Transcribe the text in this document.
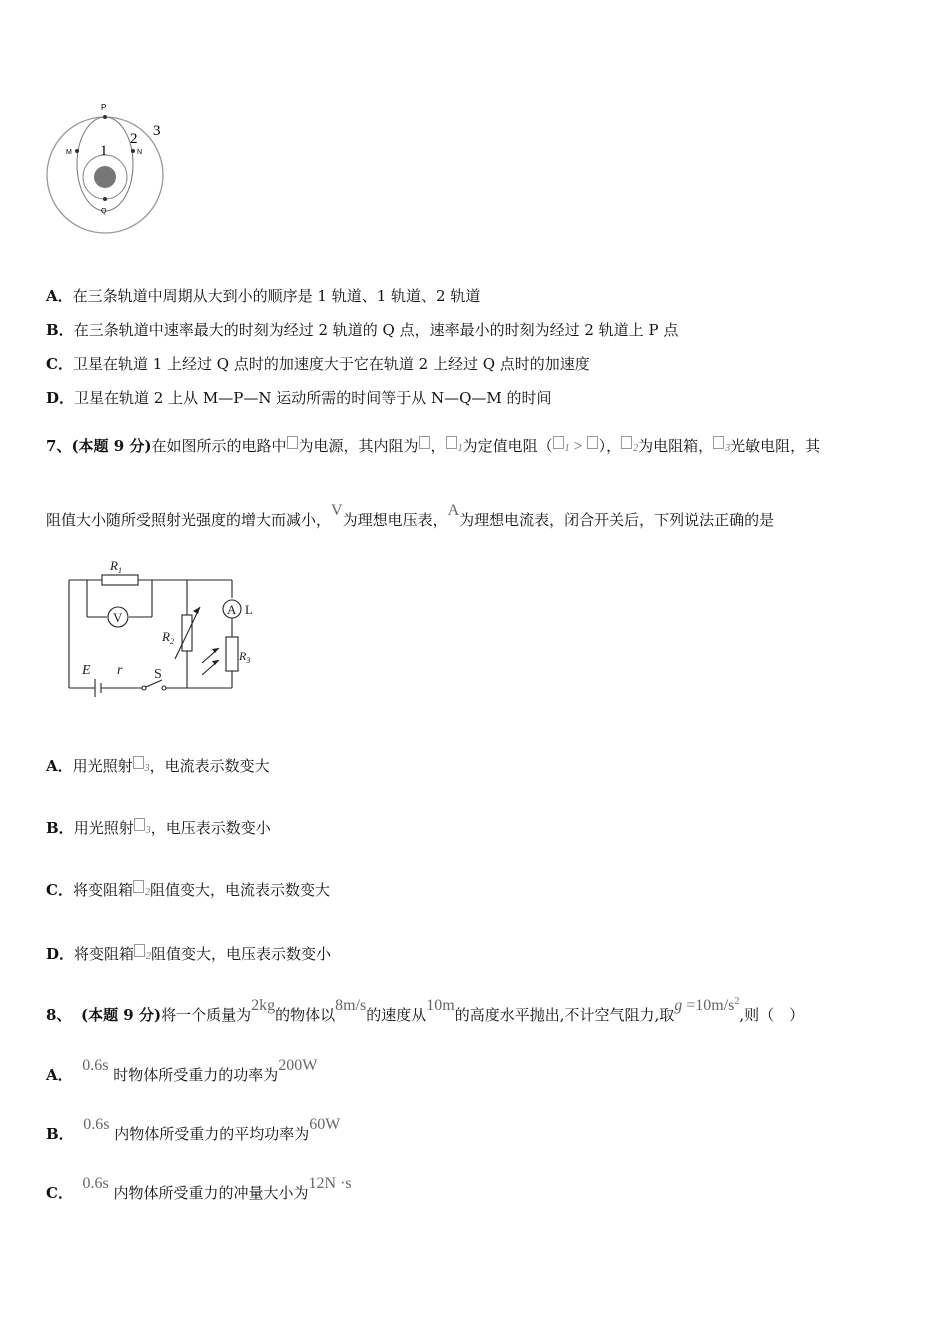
P
M	N
Q
1
2 3
A．在三条轨道中周期从大到小的顺序是 1 轨道、1 轨道、2 轨道
B．在三条轨道中速率最大的时刻为经过 2 轨道的 Q 点，速率最小的时刻为经过 2 轨道上 P 点
C．卫星在轨道 1 上经过 Q 点时的加速度大于它在轨道 2 上经过 Q 点时的加速度
D．卫星在轨道 2 上从 M—P—N 运动所需的时间等于从 N—Q—M 的时间
7、(本题 9 分)在如图所示的电路中 为电源，其内阻为 ， 1为定值电阻（ 1 > ）， 2为电阻箱， 3光敏电阻，其
阻值大小随所受照射光强度的增大而减小，V为理想电压表，A为理想电流表，闭合开关后，下列说法正确的是
$R_1$
V
$R_2$
A L
$R_3$
E r S
A．用光照射 3，电流表示数变大
B．用光照射 3，电压表示数变小
C．将变阻箱 2阻值变大，电流表示数变大
D．将变阻箱 2阻值变大，电压表示数变小
8、 (本题 9 分)将一个质量为2kg的物体以8m/s的速度从10m的高度水平抛出,不计空气阻力,取$g =10m/s^2$,则（　）
A．  0.6s 时物体所受重力的功率为200W
B．  0.6s 内物体所受重力的平均功率为60W
C．  0.6s 内物体所受重力的冲量大小为12N ·s
